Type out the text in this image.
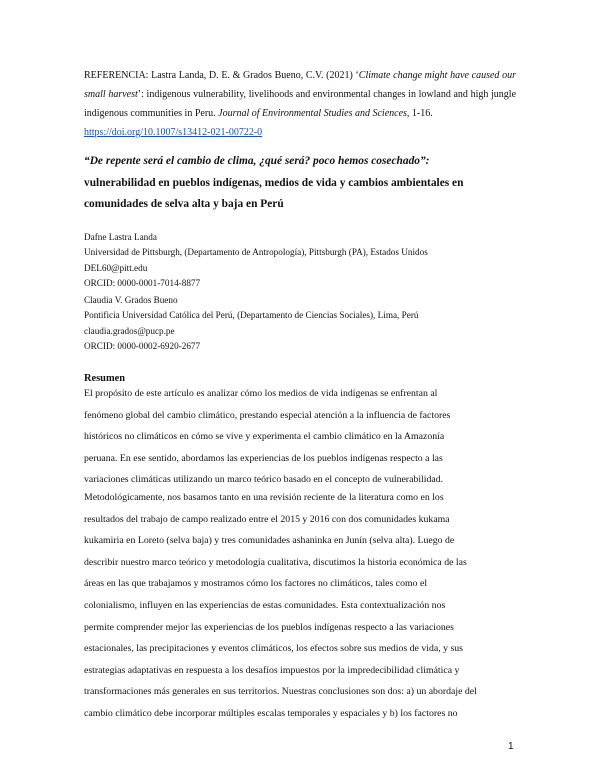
REFERENCIA: Lastra Landa, D. E. & Grados Bueno, C.V. (2021) ‘Climate change might have caused our small harvest’: indigenous vulnerability, livelihoods and environmental changes in lowland and high jungle indigenous communities in Peru. Journal of Environmental Studies and Sciences, 1-16.
https://doi.org/10.1007/s13412-021-00722-0
“De repente será el cambio de clima, ¿qué será? poco hemos cosechado”:
vulnerabilidad en pueblos indígenas, medios de vida y cambios ambientales en
comunidades de selva alta y baja en Perú
Dafne Lastra Landa
Universidad de Pittsburgh, (Departamento de Antropología), Pittsburgh (PA), Estados Unidos
DEL60@pitt.edu
ORCID: 0000-0001-7014-8877
Claudia V. Grados Bueno
Pontificia Universidad Católica del Perú, (Departamento de Ciencias Sociales), Lima, Perú
claudia.grados@pucp.pe
ORCID: 0000-0002-6920-2677
Resumen
El propósito de este artículo es analizar cómo los medios de vida indígenas se enfrentan al
fenómeno global del cambio climático, prestando especial atención a la influencia de factores
históricos no climáticos en cómo se vive y experimenta el cambio climático en la Amazonía
peruana. En ese sentido, abordamos las experiencias de los pueblos indígenas respecto a las
variaciones climáticas utilizando un marco teórico basado en el concepto de vulnerabilidad.
Metodológicamente, nos basamos tanto en una revisión reciente de la literatura como en los
resultados del trabajo de campo realizado entre el 2015 y 2016 con dos comunidades kukama
kukamiria en Loreto (selva baja) y tres comunidades ashaninka en Junín (selva alta). Luego de
describir nuestro marco teórico y metodología cualitativa, discutimos la historia económica de las
áreas en las que trabajamos y mostramos cómo los factores no climáticos, tales como el
colonialismo, influyen en las experiencias de estas comunidades. Esta contextualización nos
permite comprender mejor las experiencias de los pueblos indígenas respecto a las variaciones
estacionales, las precipitaciones y eventos climáticos, los efectos sobre sus medios de vida, y sus
estrategias adaptativas en respuesta a los desafíos impuestos por la impredecibilidad climática y
transformaciones más generales en sus territorios. Nuestras conclusiones son dos: a) un abordaje del
cambio climático debe incorporar múltiples escalas temporales y espaciales y b) los factores no
1
